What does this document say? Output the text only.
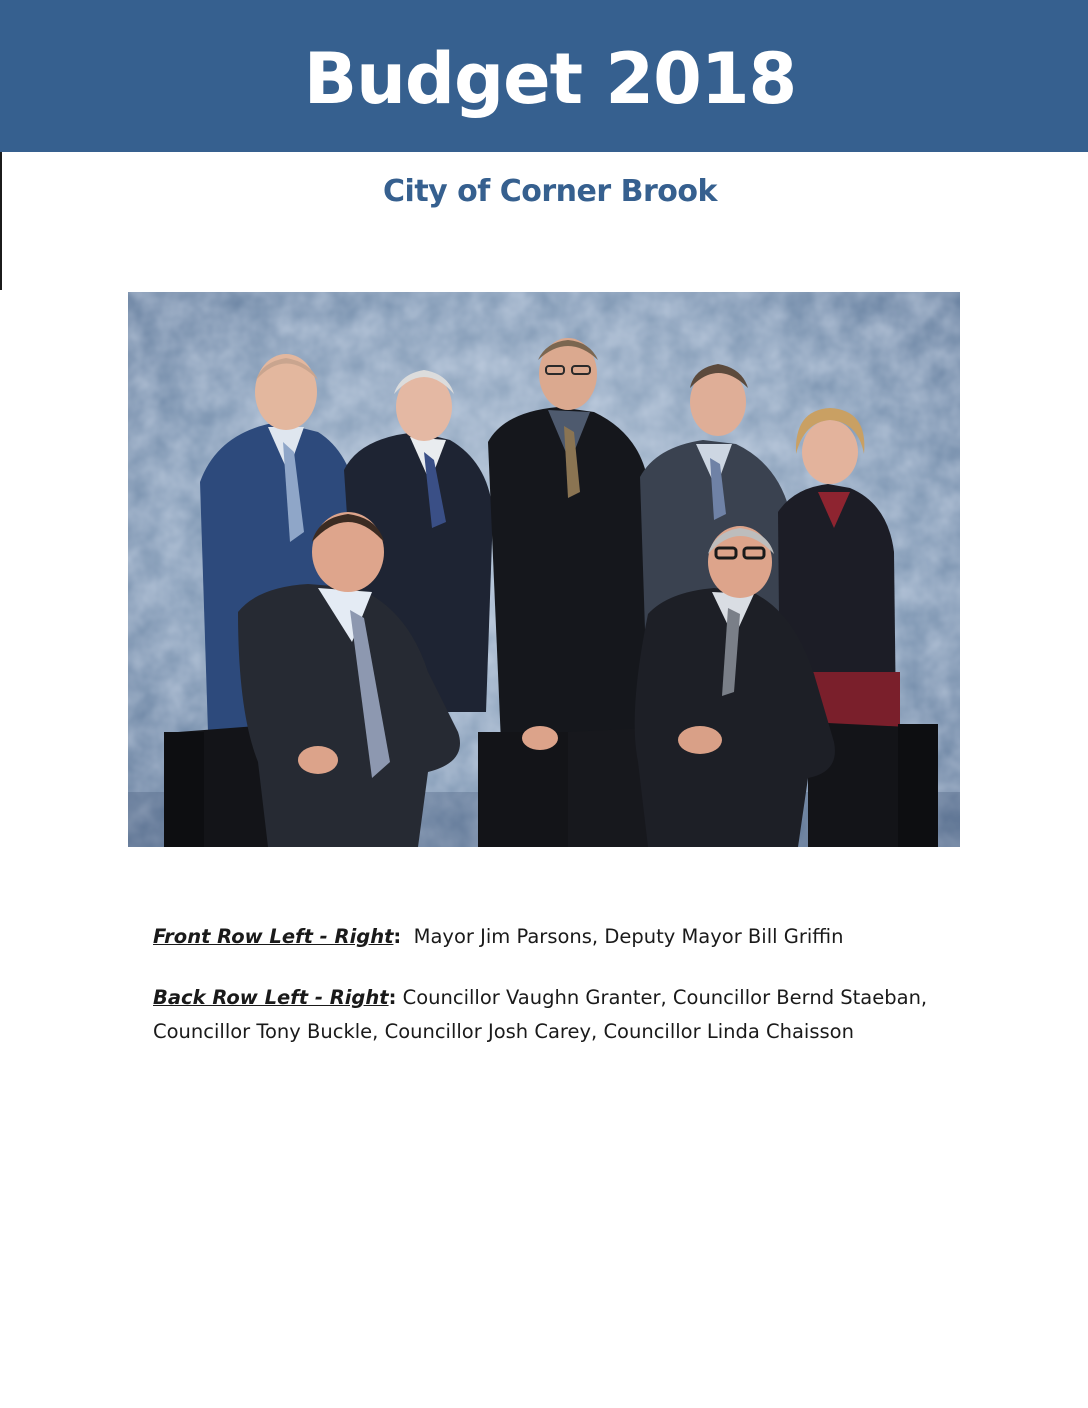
Budget 2018
City of Corner Brook
Front Row Left - Right: Mayor Jim Parsons, Deputy Mayor Bill Griffin
Back Row Left - Right: Councillor Vaughn Granter, Councillor Bernd Staeban, Councillor Tony Buckle, Councillor Josh Carey, Councillor Linda Chaisson
